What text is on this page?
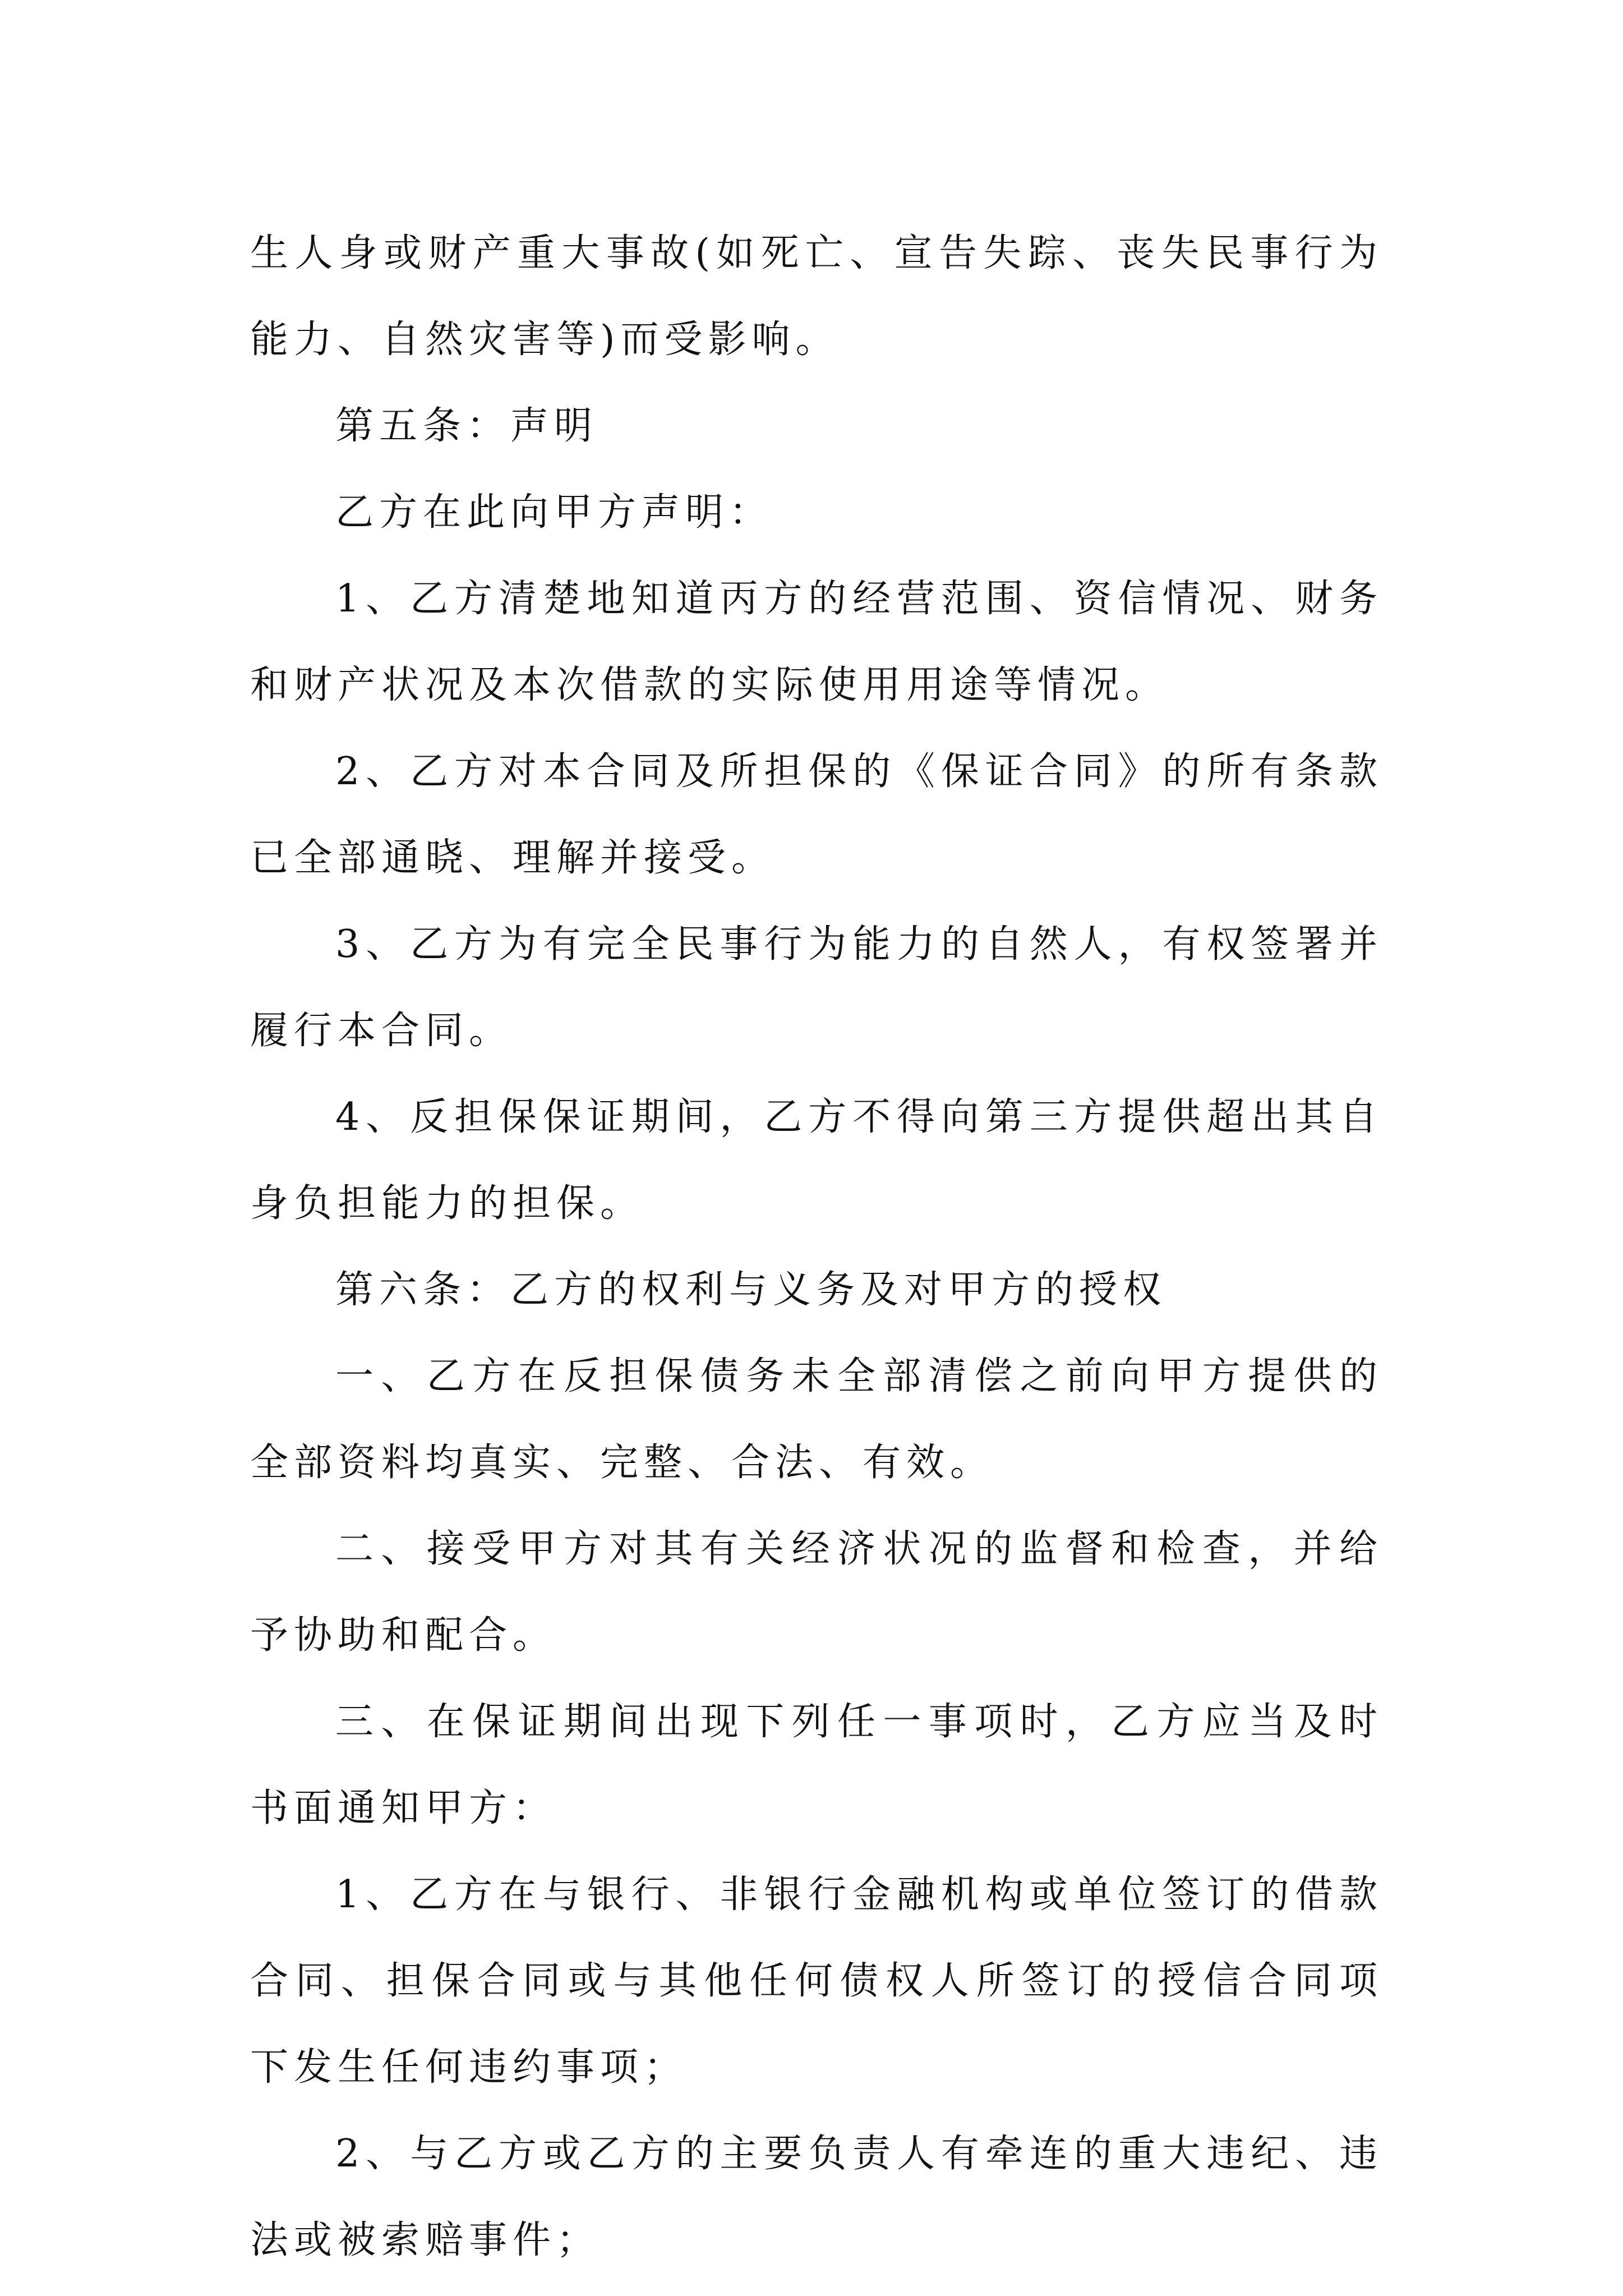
生人身或财产重大事故(如死亡、宣告失踪、丧失民事行为能力、自然灾害等)而受影响。

第五条：声明

乙方在此向甲方声明：

1、乙方清楚地知道丙方的经营范围、资信情况、财务和财产状况及本次借款的实际使用用途等情况。

2、乙方对本合同及所担保的《保证合同》的所有条款已全部通晓、理解并接受。

3、乙方为有完全民事行为能力的自然人，有权签署并履行本合同。

4、反担保保证期间，乙方不得向第三方提供超出其自身负担能力的担保。

第六条：乙方的权利与义务及对甲方的授权

一、乙方在反担保债务未全部清偿之前向甲方提供的全部资料均真实、完整、合法、有效。

二、接受甲方对其有关经济状况的监督和检查，并给予协助和配合。

三、在保证期间出现下列任一事项时，乙方应当及时书面通知甲方：

1、乙方在与银行、非银行金融机构或单位签订的借款合同、担保合同或与其他任何债权人所签订的授信合同项下发生任何违约事项；

2、与乙方或乙方的主要负责人有牵连的重大违纪、违法或被索赔事件；
